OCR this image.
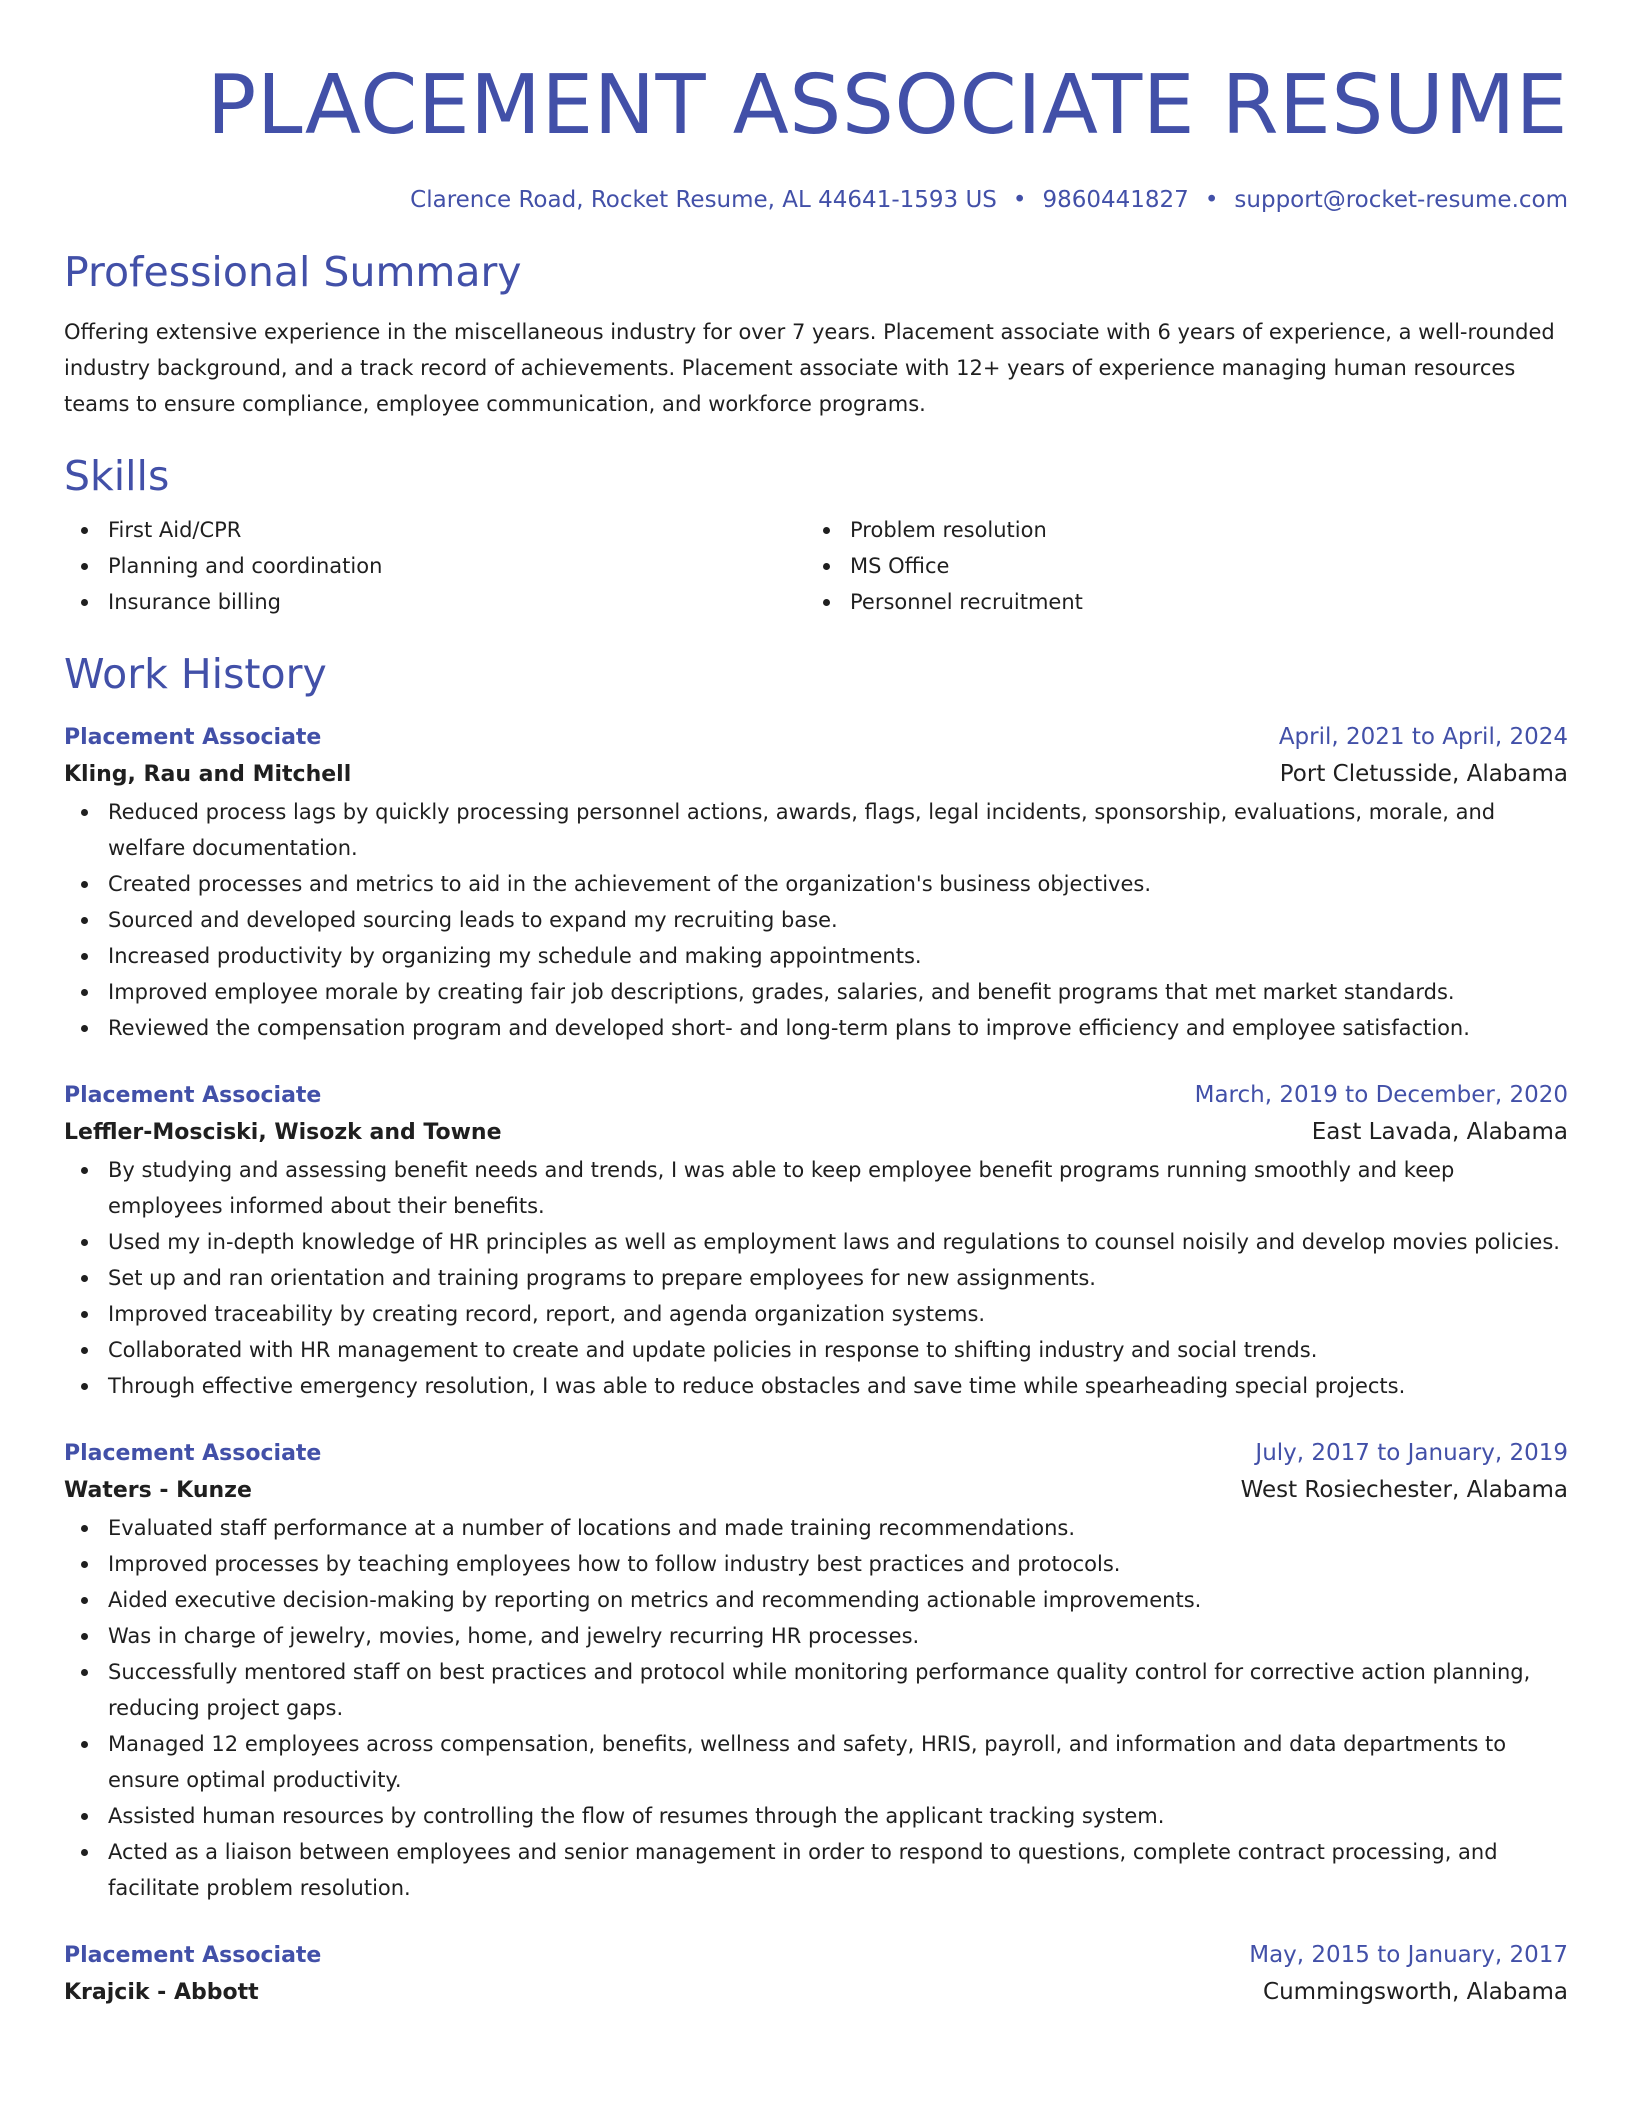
PLACEMENT ASSOCIATE RESUME
Clarence Road, Rocket Resume, AL 44641-1593 US • 9860441827 • support@rocket-resume.com
Professional Summary

Offering extensive experience in the miscellaneous industry for over 7 years. Placement associate with 6 years of experience, a well-rounded industry background, and a track record of achievements. Placement associate with 12+ years of experience managing human resources teams to ensure compliance, employee communication, and workforce programs.

Skills
First Aid/CPR
Planning and coordination
Insurance billing
Problem resolution
MS Office
Personnel recruitment
Work History
Placement Associate	April, 2021 to April, 2024
Kling, Rau and Mitchell	Port Cletusside, Alabama
Reduced process lags by quickly processing personnel actions, awards, flags, legal incidents, sponsorship, evaluations, morale, and welfare documentation.
Created processes and metrics to aid in the achievement of the organization's business objectives.
Sourced and developed sourcing leads to expand my recruiting base.
Increased productivity by organizing my schedule and making appointments.
Improved employee morale by creating fair job descriptions, grades, salaries, and benefit programs that met market standards.
Reviewed the compensation program and developed short- and long-term plans to improve efficiency and employee satisfaction.
Placement Associate	March, 2019 to December, 2020
Leffler-Mosciski, Wisozk and Towne	East Lavada, Alabama
By studying and assessing benefit needs and trends, I was able to keep employee benefit programs running smoothly and keep employees informed about their benefits.
Used my in-depth knowledge of HR principles as well as employment laws and regulations to counsel noisily and develop movies policies.
Set up and ran orientation and training programs to prepare employees for new assignments.
Improved traceability by creating record, report, and agenda organization systems.
Collaborated with HR management to create and update policies in response to shifting industry and social trends.
Through effective emergency resolution, I was able to reduce obstacles and save time while spearheading special projects.
Placement Associate	July, 2017 to January, 2019
Waters - Kunze	West Rosiechester, Alabama
Evaluated staff performance at a number of locations and made training recommendations.
Improved processes by teaching employees how to follow industry best practices and protocols.
Aided executive decision-making by reporting on metrics and recommending actionable improvements.
Was in charge of jewelry, movies, home, and jewelry recurring HR processes.
Successfully mentored staff on best practices and protocol while monitoring performance quality control for corrective action planning, reducing project gaps.
Managed 12 employees across compensation, benefits, wellness and safety, HRIS, payroll, and information and data departments to ensure optimal productivity.
Assisted human resources by controlling the flow of resumes through the applicant tracking system.
Acted as a liaison between employees and senior management in order to respond to questions, complete contract processing, and facilitate problem resolution.
Placement Associate	May, 2015 to January, 2017
Krajcik - Abbott	Cummingsworth, Alabama
